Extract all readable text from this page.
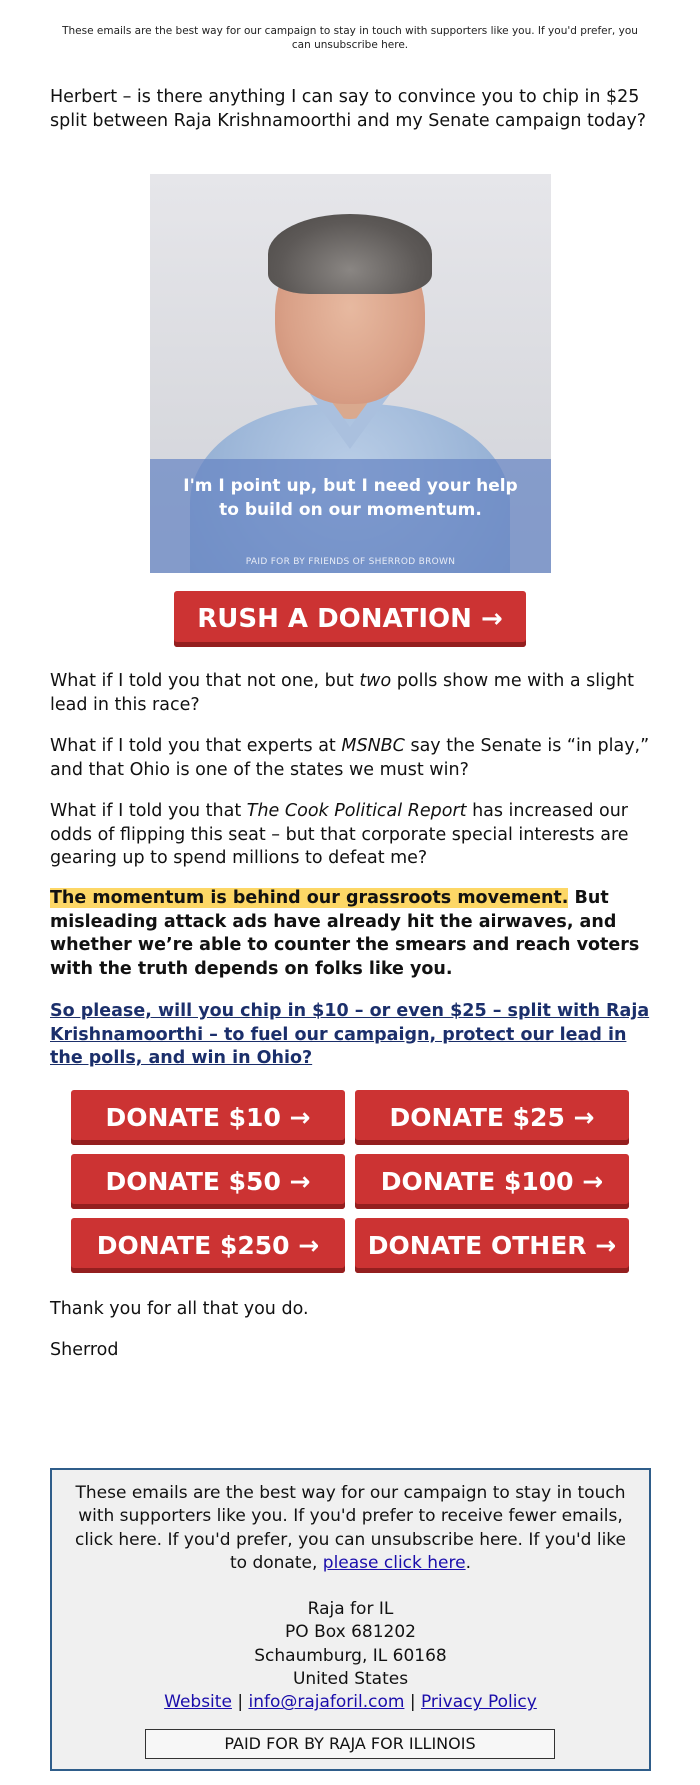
These emails are the best way for our campaign to stay in touch with supporters like you. If you'd prefer, you can unsubscribe here.

Herbert – is there anything I can say to convince you to chip in $25 split between Raja Krishnamoorthi and my Senate campaign today?

I'm I point up, but I need your help
to build on our momentum.
PAID FOR BY FRIENDS OF SHERROD BROWN
RUSH A DONATION →

What if I told you that not one, but two polls show me with a slight lead in this race?

What if I told you that experts at MSNBC say the Senate is “in play,” and that Ohio is one of the states we must win?

What if I told you that The Cook Political Report has increased our odds of flipping this seat – but that corporate special interests are gearing up to spend millions to defeat me?

The momentum is behind our grassroots movement. But misleading attack ads have already hit the airwaves, and whether we’re able to counter the smears and reach voters with the truth depends on folks like you.

So please, will you chip in $10 – or even $25 – split with Raja Krishnamoorthi – to fuel our campaign, protect our lead in the polls, and win in Ohio?

DONATE $10 →	DONATE $25 →
DONATE $50 →	DONATE $100 →
DONATE $250 →	DONATE OTHER →

Thank you for all that you do.

Sherrod

These emails are the best way for our campaign to stay in touch with supporters like you. If you'd prefer to receive fewer emails, click here. If you'd prefer, you can unsubscribe here. If you'd like to donate, please click here.
Raja for IL
PO Box 681202
Schaumburg, IL 60168
United States
Website | info@rajaforil.com | Privacy Policy
PAID FOR BY RAJA FOR ILLINOIS
